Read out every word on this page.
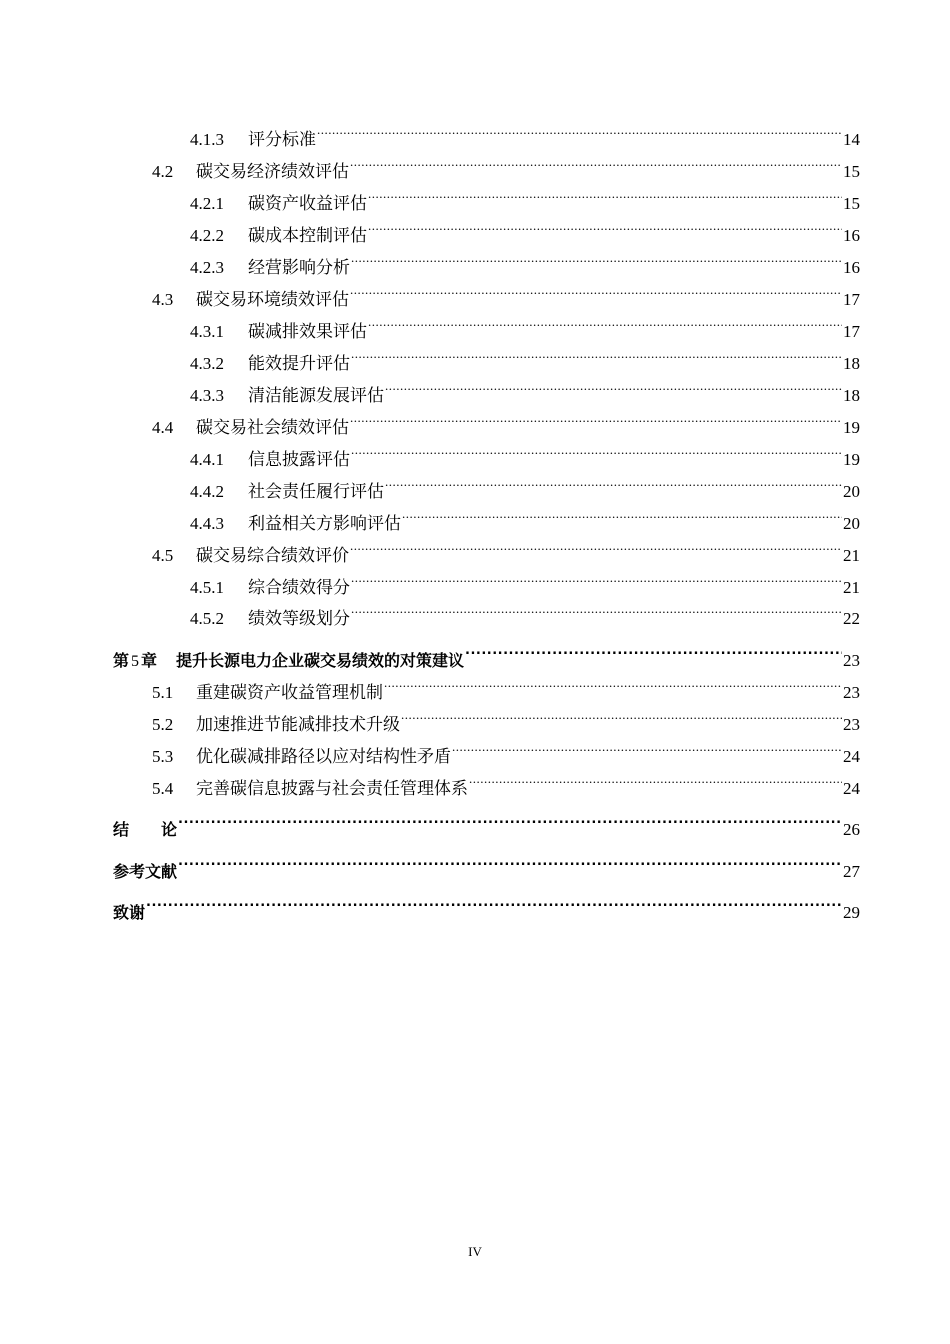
4.1.3	评分标准 .....	14
4.2	碳交易经济绩效评估 .....	15
4.2.1	碳资产收益评估 .....	15
4.2.2	碳成本控制评估 .....	16
4.2.3	经营影响分析 .....	16
4.3	碳交易环境绩效评估 .....	17
4.3.1	碳减排效果评估 .....	17
4.3.2	能效提升评估 .....	18
4.3.3	清洁能源发展评估 .....	18
4.4	碳交易社会绩效评估 .....	19
4.4.1	信息披露评估 .....	19
4.4.2	社会责任履行评估 .....	20
4.4.3	利益相关方影响评估 .....	20
4.5	碳交易综合绩效评价 .....	21
4.5.1	综合绩效得分 .....	21
4.5.2	绩效等级划分 .....	22
第 5 章 提升长源电力企业碳交易绩效的对策建议 .....	23
5.1	重建碳资产收益管理机制 .....	23
5.2	加速推进节能减排技术升级 .....	23
5.3	优化碳减排路径以应对结构性矛盾 .....	24
5.4	完善碳信息披露与社会责任管理体系 .....	24
结　　论 .....	26
参考文献 .....	27
致谢 .....	29
IV
